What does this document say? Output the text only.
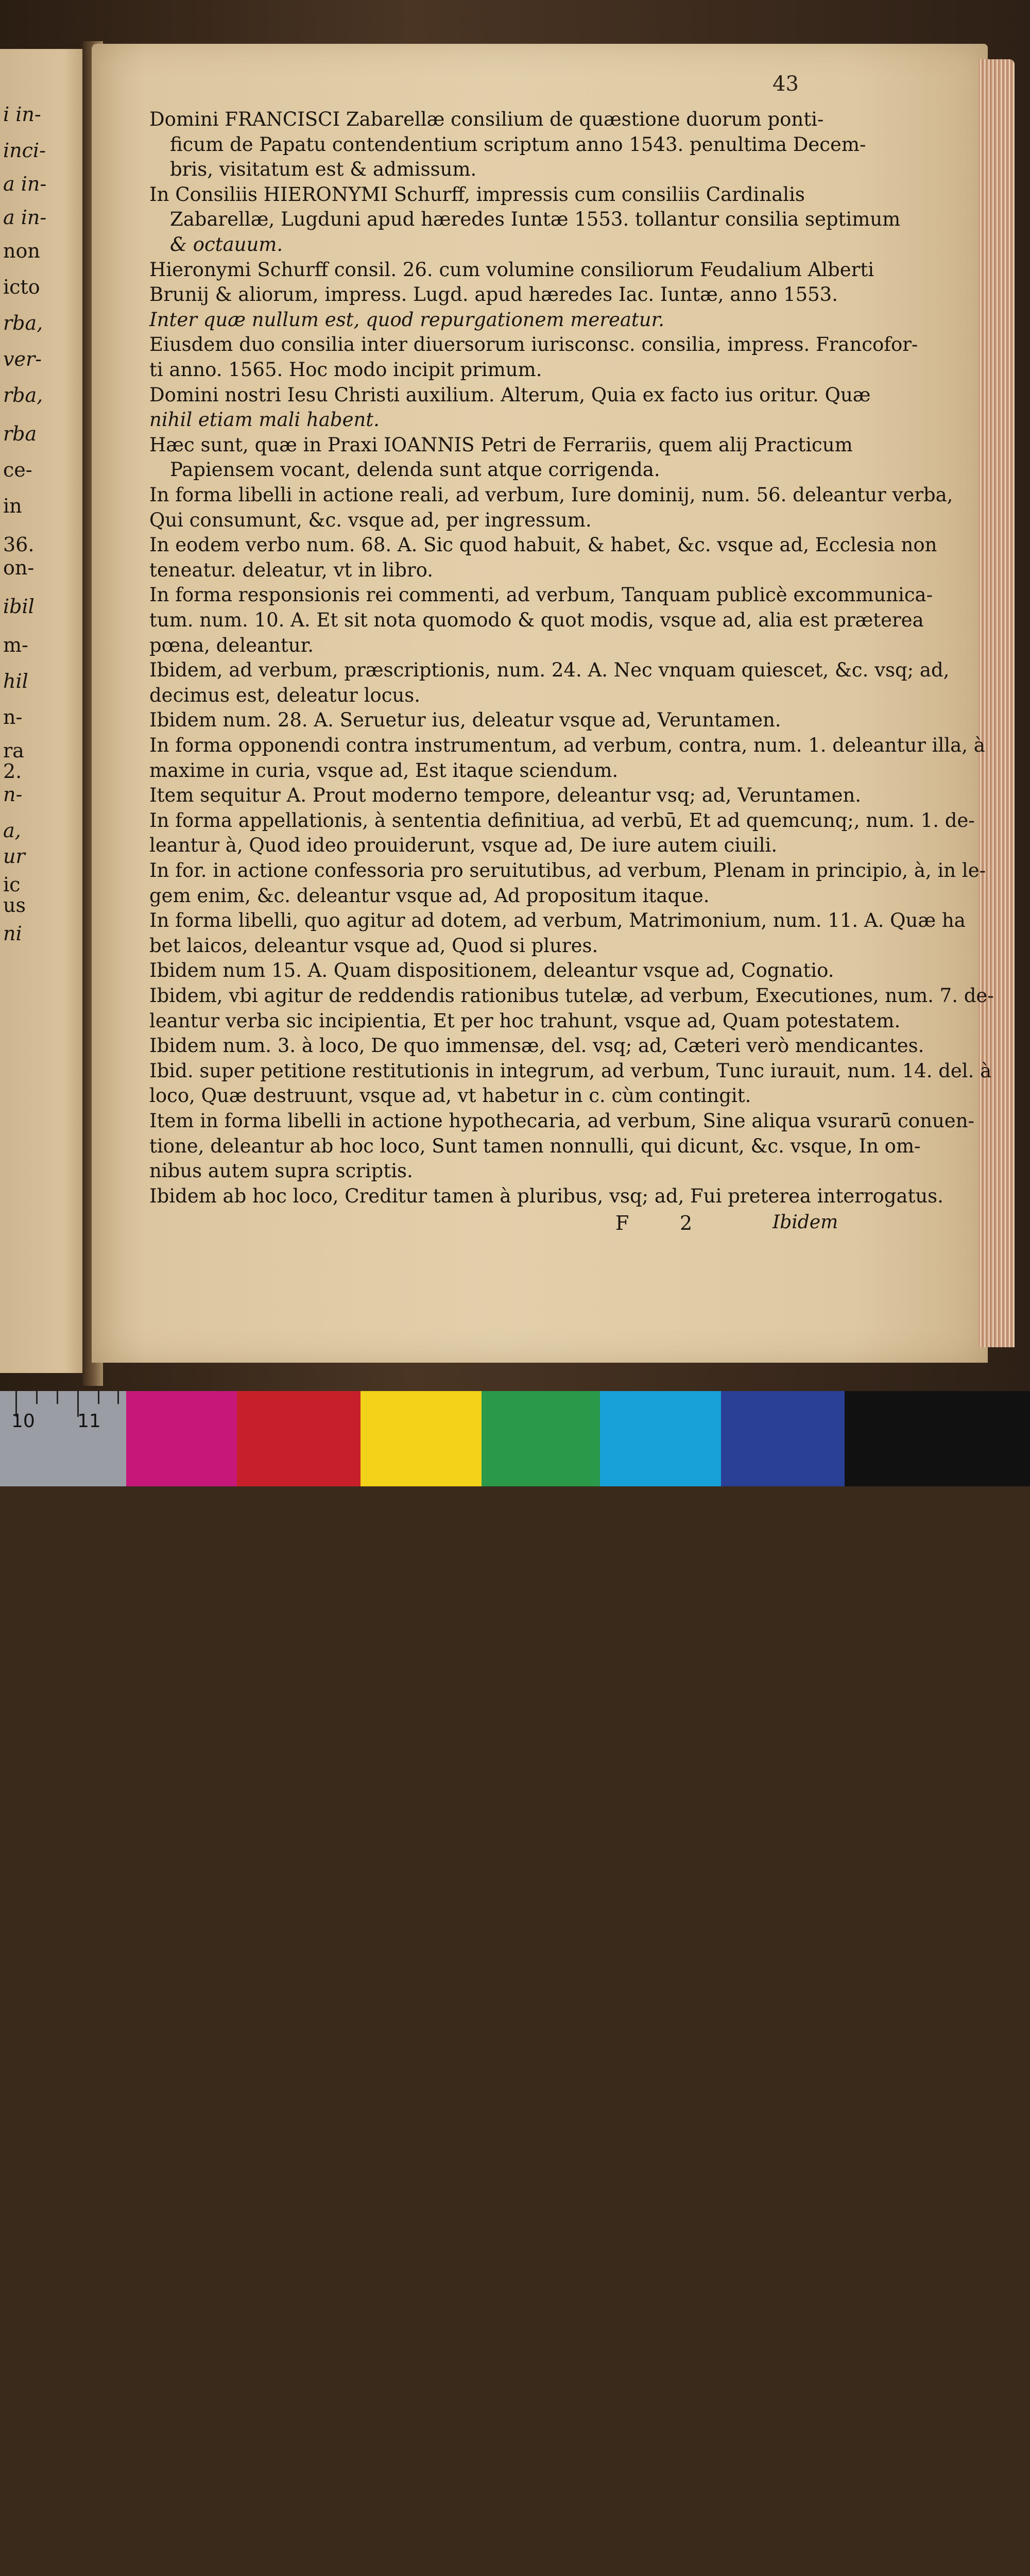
i in-
inci-
a in-
a in-
non
icto
rba,
ver-
rba,
rba
ce-
in
36.
on-
ibil
m-
hil
n-
ra
2.
n-
a,
ur
ic
us
ni
43
Domini FRANCISCI Zabarellæ consilium de quæstione duorum ponti-
ficum de Papatu contendentium scriptum anno 1543. penultima Decem-
bris, visitatum est & admissum.
In Consiliis HIERONYMI Schurff, impressis cum consiliis Cardinalis
Zabarellæ, Lugduni apud hæredes Iuntæ 1553. tollantur consilia septimum
& octauum.
Hieronymi Schurff consil. 26. cum volumine consiliorum Feudalium Alberti
Brunij & aliorum, impress. Lugd. apud hæredes Iac. Iuntæ, anno 1553.
Inter quæ nullum est, quod repurgationem mereatur.
Eiusdem duo consilia inter diuersorum iurisconsc. consilia, impress. Francofor-
ti anno. 1565. Hoc modo incipit primum.
Domini nostri Iesu Christi auxilium. Alterum, Quia ex facto ius oritur. Quæ
nihil etiam mali habent.
Hæc sunt, quæ in Praxi IOANNIS Petri de Ferrariis, quem alij Practicum
Papiensem vocant, delenda sunt atque corrigenda.
In forma libelli in actione reali, ad verbum, Iure dominij, num. 56. deleantur verba,
Qui consumunt, &c. vsque ad, per ingressum.
In eodem verbo num. 68. A. Sic quod habuit, & habet, &c. vsque ad, Ecclesia non
teneatur. deleatur, vt in libro.
In forma responsionis rei commenti, ad verbum, Tanquam publicè excommunica-
tum. num. 10. A. Et sit nota quomodo & quot modis, vsque ad, alia est præterea
pœna, deleantur.
Ibidem, ad verbum, præscriptionis, num. 24. A. Nec vnquam quiescet, &c. vsq; ad,
decimus est, deleatur locus.
Ibidem num. 28. A. Seruetur ius, deleatur vsque ad, Veruntamen.
In forma opponendi contra instrumentum, ad verbum, contra, num. 1. deleantur illa, à
maxime in curia, vsque ad, Est itaque sciendum.
Item sequitur A. Prout moderno tempore, deleantur vsq; ad, Veruntamen.
In forma appellationis, à sententia definitiua, ad verbū, Et ad quemcunq;, num. 1. de-
leantur à, Quod ideo prouiderunt, vsque ad, De iure autem ciuili.
In for. in actione confessoria pro seruitutibus, ad verbum, Plenam in principio, à, in le-
gem enim, &c. deleantur vsque ad, Ad propositum itaque.
In forma libelli, quo agitur ad dotem, ad verbum, Matrimonium, num. 11. A. Quæ ha
bet laicos, deleantur vsque ad, Quod si plures.
Ibidem num 15. A. Quam dispositionem, deleantur vsque ad, Cognatio.
Ibidem, vbi agitur de reddendis rationibus tutelæ, ad verbum, Executiones, num. 7. de-
leantur verba sic incipientia, Et per hoc trahunt, vsque ad, Quam potestatem.
Ibidem num. 3. à loco, De quo immensæ, del. vsq; ad, Cæteri verò mendicantes.
Ibid. super petitione restitutionis in integrum, ad verbum, Tunc iurauit, num. 14. del. à
loco, Quæ destruunt, vsque ad, vt habetur in c. cùm contingit.
Item in forma libelli in actione hypothecaria, ad verbum, Sine aliqua vsurarū conuen-
tione, deleantur ab hoc loco, Sunt tamen nonnulli, qui dicunt, &c. vsque, In om-
nibus autem supra scriptis.
Ibidem ab hoc loco, Creditur tamen à pluribus, vsq; ad, Fui preterea interrogatus.
F	2	Ibidem
10 11
